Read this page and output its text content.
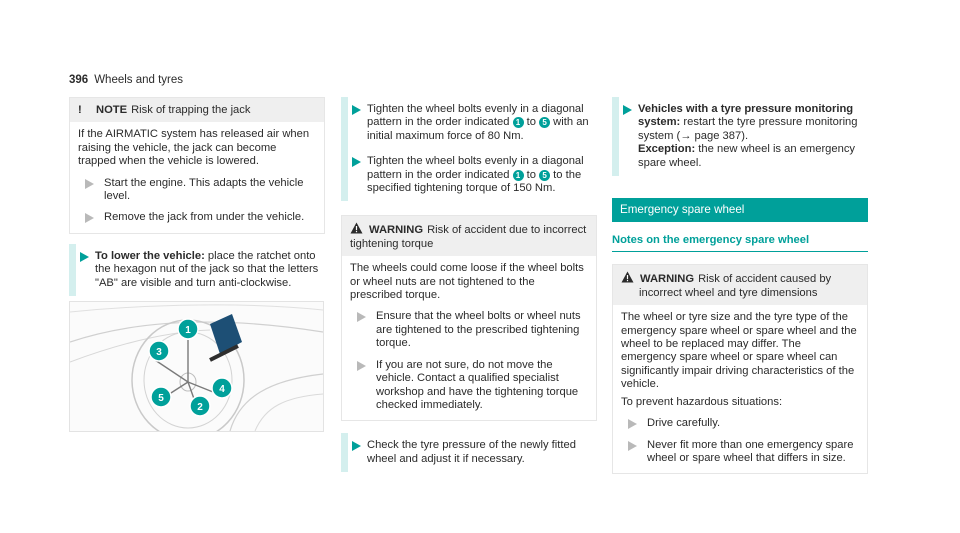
396 Wheels and tyres
! NOTE Risk of trapping the jack
If the AIRMATIC system has released air when raising the vehicle, the jack can become trapped when the vehicle is lowered.
Start the engine. This adapts the vehicle level.
Remove the jack from under the vehicle.
To lower the vehicle: place the ratchet onto the hexagon nut of the jack so that the letters "AB" are visible and turn anti-clockwise.
1
3
4
5
2
Tighten the wheel bolts evenly in a diagonal pattern in the order indicated 1 to 5 with an initial maximum force of 80 Nm.
Tighten the wheel bolts evenly in a diagonal pattern in the order indicated 1 to 5 to the specified tightening torque of 150 Nm.
WARNING Risk of accident due to incorrect tightening torque
The wheels could come loose if the wheel bolts or wheel nuts are not tightened to the prescribed torque.
Ensure that the wheel bolts or wheel nuts are tightened to the prescribed tightening torque.
If you are not sure, do not move the vehicle. Contact a qualified specialist workshop and have the tightening torque checked immediately.
Check the tyre pressure of the newly fitted wheel and adjust it if necessary.
Vehicles with a tyre pressure monitoring system: restart the tyre pressure monitoring system (→ page 387).
Exception: the new wheel is an emergency spare wheel.
Emergency spare wheel
Notes on the emergency spare wheel
WARNING Risk of accident caused by incorrect wheel and tyre dimensions
The wheel or tyre size and the tyre type of the emergency spare wheel or spare wheel and the wheel to be replaced may differ. The emergency spare wheel or spare wheel can significantly impair driving characteristics of the vehicle.
To prevent hazardous situations:
Drive carefully.
Never fit more than one emergency spare wheel or spare wheel that differs in size.
